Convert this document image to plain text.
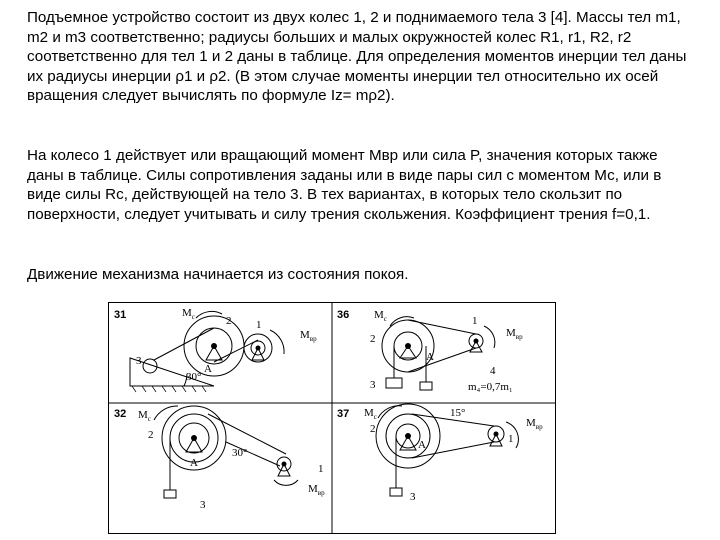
Подъемное устройство состоит из двух колес 1, 2 и поднимаемого тела 3 [4]. Массы тел m1, m2 и m3 соответственно; радиусы больших и малых окружностей колес R1, r1, R2, r2 соответственно для тел 1 и 2 даны в таблице. Для определения моментов инерции тел даны их радиусы инерции ρ1 и ρ2. (В этом случае моменты инерции тел относительно их осей вращения следует вычислять по формуле Iz= mρ2).

На колесо 1 действует или вращающий момент Мвр или сила P, значения которых также даны в таблице. Силы сопротивления заданы или в виде пары сил с моментом Мс, или в виде силы Rc, действующей на тело 3. В тех вариантах, в которых тело скользит по поверхности, следует учитывать и силу трения скольжения. Коэффициент трения f=0,1.

Движение механизма начинается из состояния покоя.

31
30°
3
A
2
$M_c$
1
$M_{вр}$
36
A
2
$M_c$	1
$M_{вр}$
3
4
m₄=0,7m₁
32
A
2
$M_c$
30°
1
$M_{вр}$
3
37
A
2
$M_c$	15°
1
$M_{вр}$
3
